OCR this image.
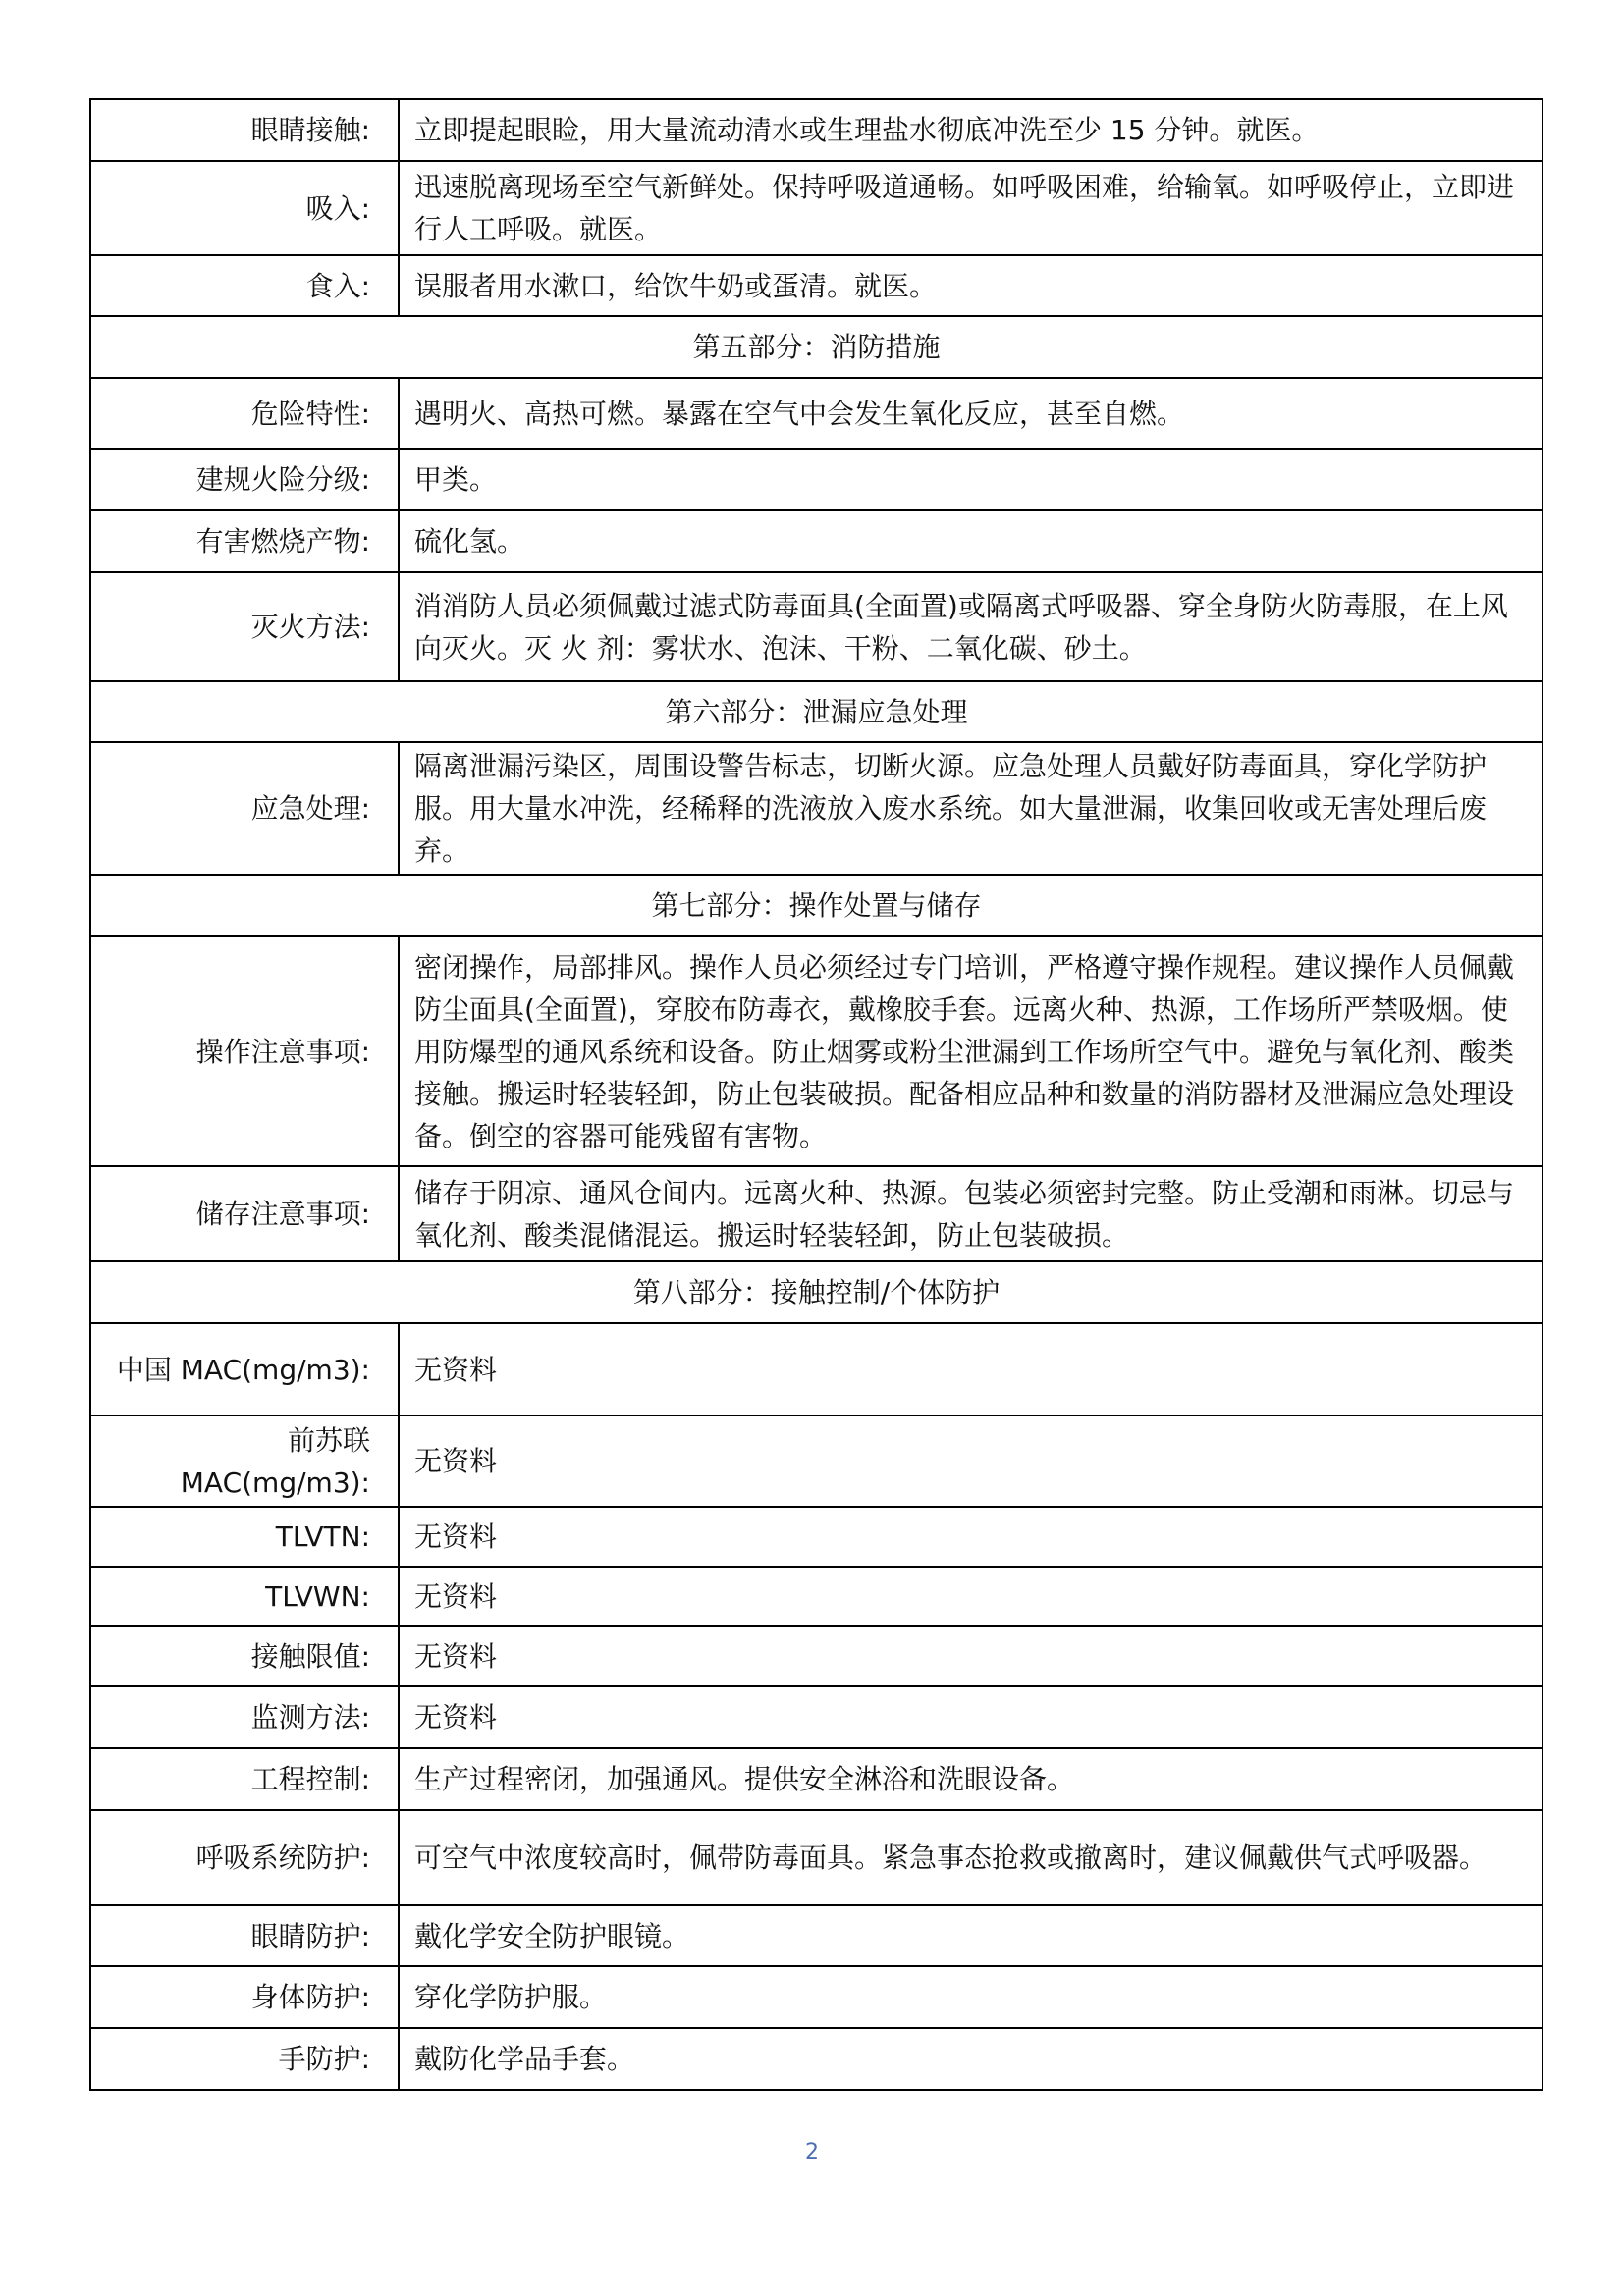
眼睛接触:	立即提起眼睑，用大量流动清水或生理盐水彻底冲洗至少 15 分钟。就医。
吸入:	迅速脱离现场至空气新鲜处。保持呼吸道通畅。如呼吸困难，给输氧。如呼吸停止，立即进行人工呼吸。就医。
食入:	误服者用水漱口，给饮牛奶或蛋清。就医。
第五部分：消防措施	
危险特性:	遇明火、高热可燃。暴露在空气中会发生氧化反应，甚至自燃。
建规火险分级:	甲类。
有害燃烧产物:	硫化氢。
灭火方法:	消消防人员必须佩戴过滤式防毒面具(全面置)或隔离式呼吸器、穿全身防火防毒服，在上风向灭火。灭 火 剂：雾状水、泡沫、干粉、二氧化碳、砂土。
第六部分：泄漏应急处理	
应急处理:	隔离泄漏污染区，周围设警告标志，切断火源。应急处理人员戴好防毒面具，穿化学防护服。用大量水冲洗，经稀释的洗液放入废水系统。如大量泄漏，收集回收或无害处理后废弃。
第七部分：操作处置与储存	
操作注意事项:	密闭操作，局部排风。操作人员必须经过专门培训，严格遵守操作规程。建议操作人员佩戴防尘面具(全面置)，穿胶布防毒衣，戴橡胶手套。远离火种、热源，工作场所严禁吸烟。使用防爆型的通风系统和设备。防止烟雾或粉尘泄漏到工作场所空气中。避免与氧化剂、酸类接触。搬运时轻装轻卸，防止包装破损。配备相应品种和数量的消防器材及泄漏应急处理设备。倒空的容器可能残留有害物。
储存注意事项:	储存于阴凉、通风仓间内。远离火种、热源。包装必须密封完整。防止受潮和雨淋。切忌与氧化剂、酸类混储混运。搬运时轻装轻卸，防止包装破损。
第八部分：接触控制/个体防护	
中国 MAC(mg/m3):	无资料
前苏联 MAC(mg/m3):	无资料
TLVTN:	无资料
TLVWN:	无资料
接触限值:	无资料
监测方法:	无资料
工程控制:	生产过程密闭，加强通风。提供安全淋浴和洗眼设备。
呼吸系统防护:	可空气中浓度较高时，佩带防毒面具。紧急事态抢救或撤离时，建议佩戴供气式呼吸器。
眼睛防护:	戴化学安全防护眼镜。
身体防护:	穿化学防护服。
手防护:	戴防化学品手套。
2
